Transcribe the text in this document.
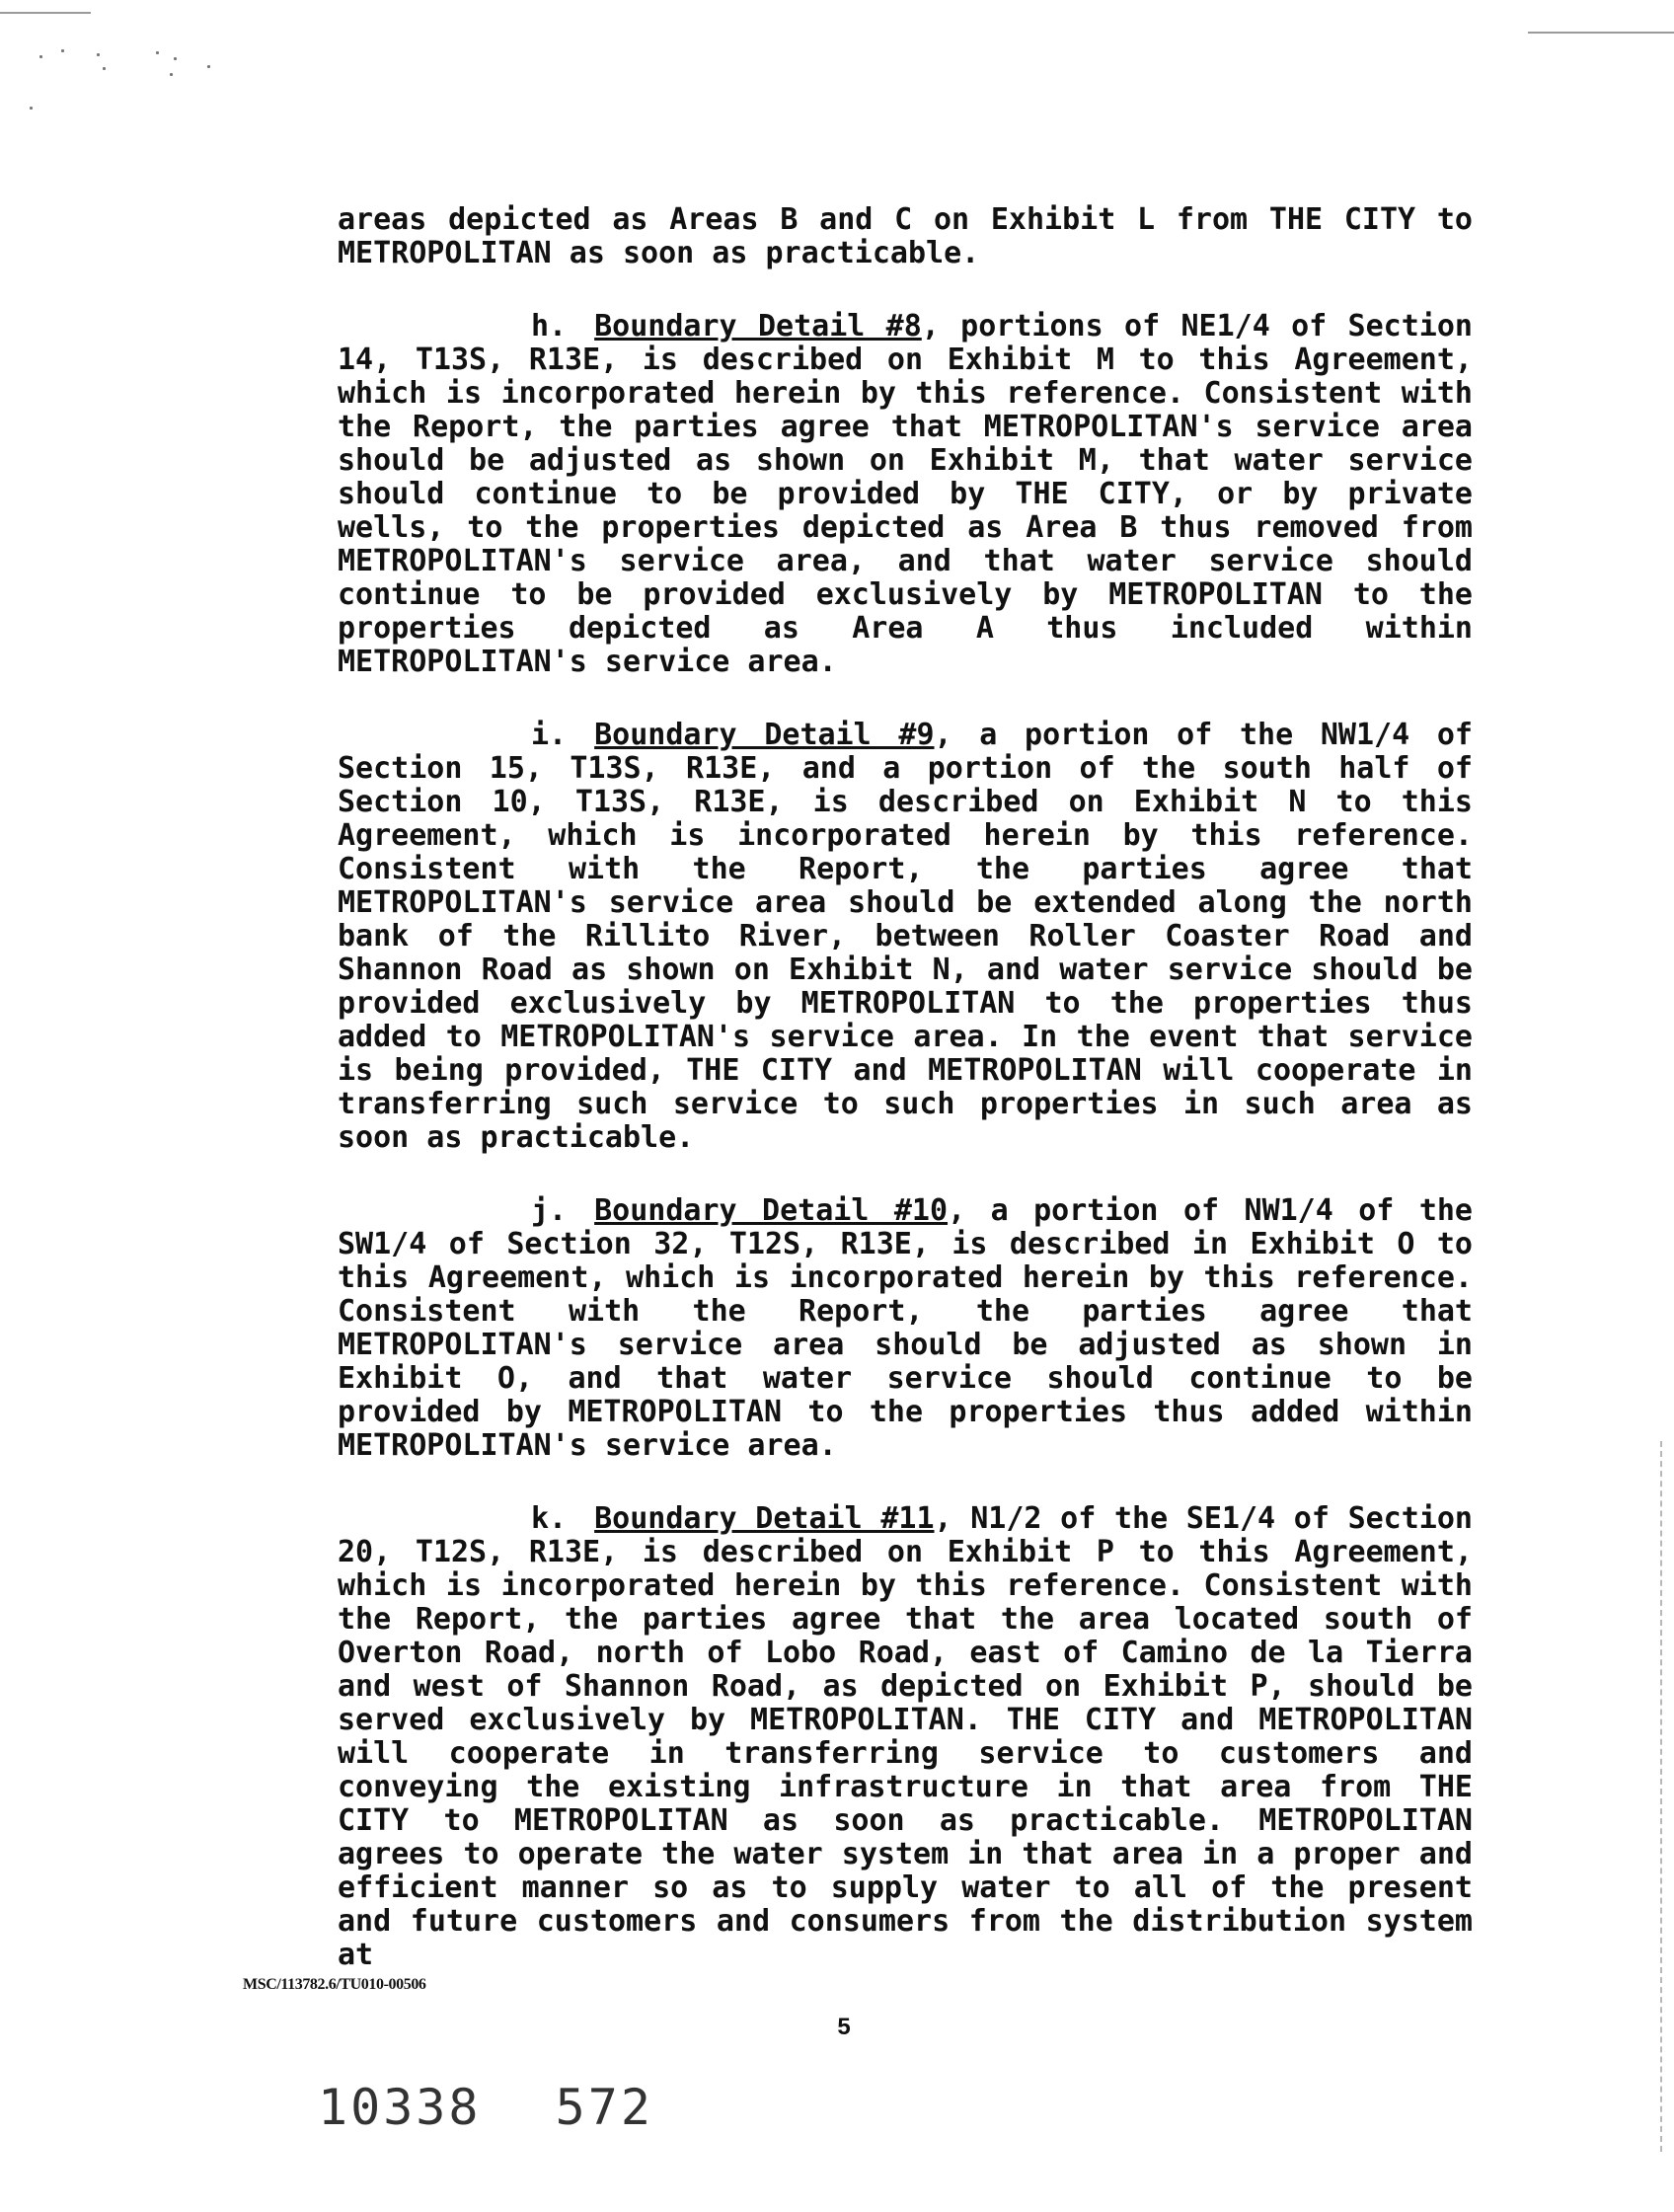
areas depicted as Areas B and C on Exhibit L from THE CITY to METROPOLITAN as soon as practicable.

h. Boundary Detail #8, portions of NE1/4 of Section 14, T13S, R13E, is described on Exhibit M to this Agreement, which is incorporated herein by this reference. Consistent with the Report, the parties agree that METROPOLITAN's service area should be adjusted as shown on Exhibit M, that water service should continue to be provided by THE CITY, or by private wells, to the properties depicted as Area B thus removed from METROPOLITAN's service area, and that water service should continue to be provided exclusively by METROPOLITAN to the properties depicted as Area A thus included within METROPOLITAN's service area.

i. Boundary Detail #9, a portion of the NW1/4 of Section 15, T13S, R13E, and a portion of the south half of Section 10, T13S, R13E, is described on Exhibit N to this Agreement, which is incorporated herein by this reference. Consistent with the Report, the parties agree that METROPOLITAN's service area should be extended along the north bank of the Rillito River, between Roller Coaster Road and Shannon Road as shown on Exhibit N, and water service should be provided exclusively by METROPOLITAN to the properties thus added to METROPOLITAN's service area. In the event that service is being provided, THE CITY and METROPOLITAN will cooperate in transferring such service to such properties in such area as soon as practicable.

j. Boundary Detail #10, a portion of NW1/4 of the SW1/4 of Section 32, T12S, R13E, is described in Exhibit O to this Agreement, which is incorporated herein by this reference. Consistent with the Report, the parties agree that METROPOLITAN's service area should be adjusted as shown in Exhibit O, and that water service should continue to be provided by METROPOLITAN to the properties thus added within METROPOLITAN's service area.

k. Boundary Detail #11, N1/2 of the SE1/4 of Section 20, T12S, R13E, is described on Exhibit P to this Agreement, which is incorporated herein by this reference. Consistent with the Report, the parties agree that the area located south of Overton Road, north of Lobo Road, east of Camino de la Tierra and west of Shannon Road, as depicted on Exhibit P, should be served exclusively by METROPOLITAN. THE CITY and METROPOLITAN will cooperate in transferring service to customers and conveying the existing infrastructure in that area from THE CITY to METROPOLITAN as soon as practicable. METROPOLITAN agrees to operate the water system in that area in a proper and efficient manner so as to supply water to all of the present and future customers and consumers from the distribution system at

MSC/113782.6/TU010-00506
5
10338 572
